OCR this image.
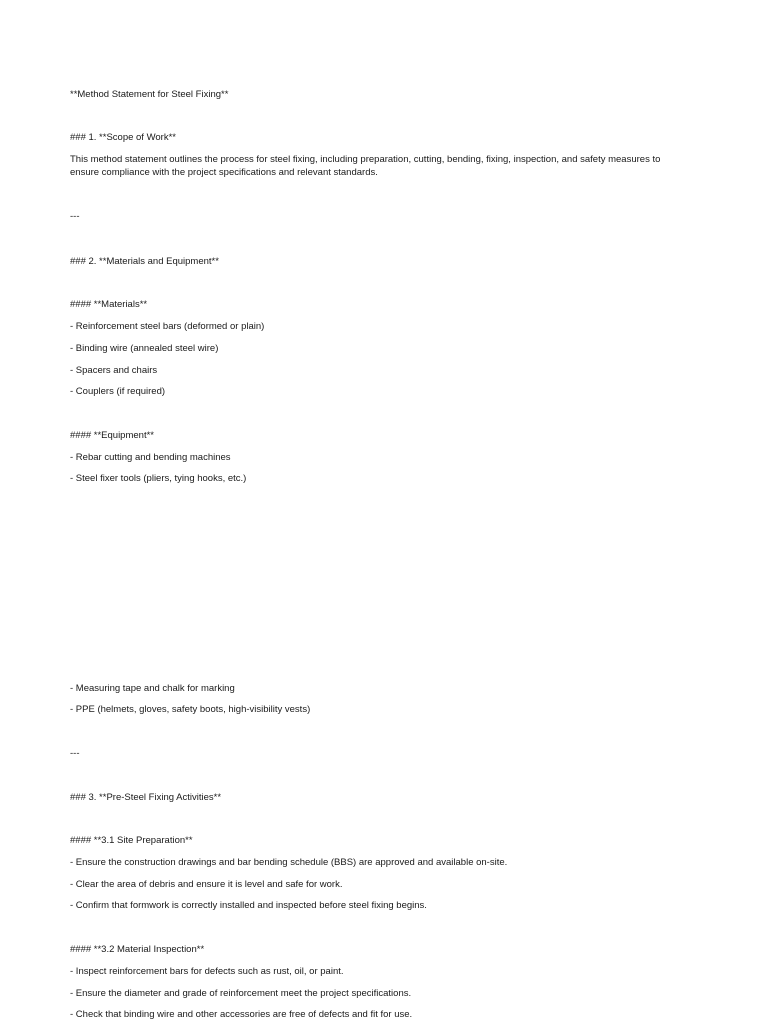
**Method Statement for Steel Fixing**
### 1. **Scope of Work**
This method statement outlines the process for steel fixing, including preparation, cutting, bending, fixing, inspection, and safety measures to
ensure compliance with the project specifications and relevant standards.
---
### 2. **Materials and Equipment**
#### **Materials**
- Reinforcement steel bars (deformed or plain)
- Binding wire (annealed steel wire)
- Spacers and chairs
- Couplers (if required)
#### **Equipment**
- Rebar cutting and bending machines
- Steel fixer tools (pliers, tying hooks, etc.)
- Measuring tape and chalk for marking
- PPE (helmets, gloves, safety boots, high-visibility vests)
---
### 3. **Pre-Steel Fixing Activities**
#### **3.1 Site Preparation**
- Ensure the construction drawings and bar bending schedule (BBS) are approved and available on-site.
- Clear the area of debris and ensure it is level and safe for work.
- Confirm that formwork is correctly installed and inspected before steel fixing begins.
#### **3.2 Material Inspection**
- Inspect reinforcement bars for defects such as rust, oil, or paint.
- Ensure the diameter and grade of reinforcement meet the project specifications.
- Check that binding wire and other accessories are free of defects and fit for use.
